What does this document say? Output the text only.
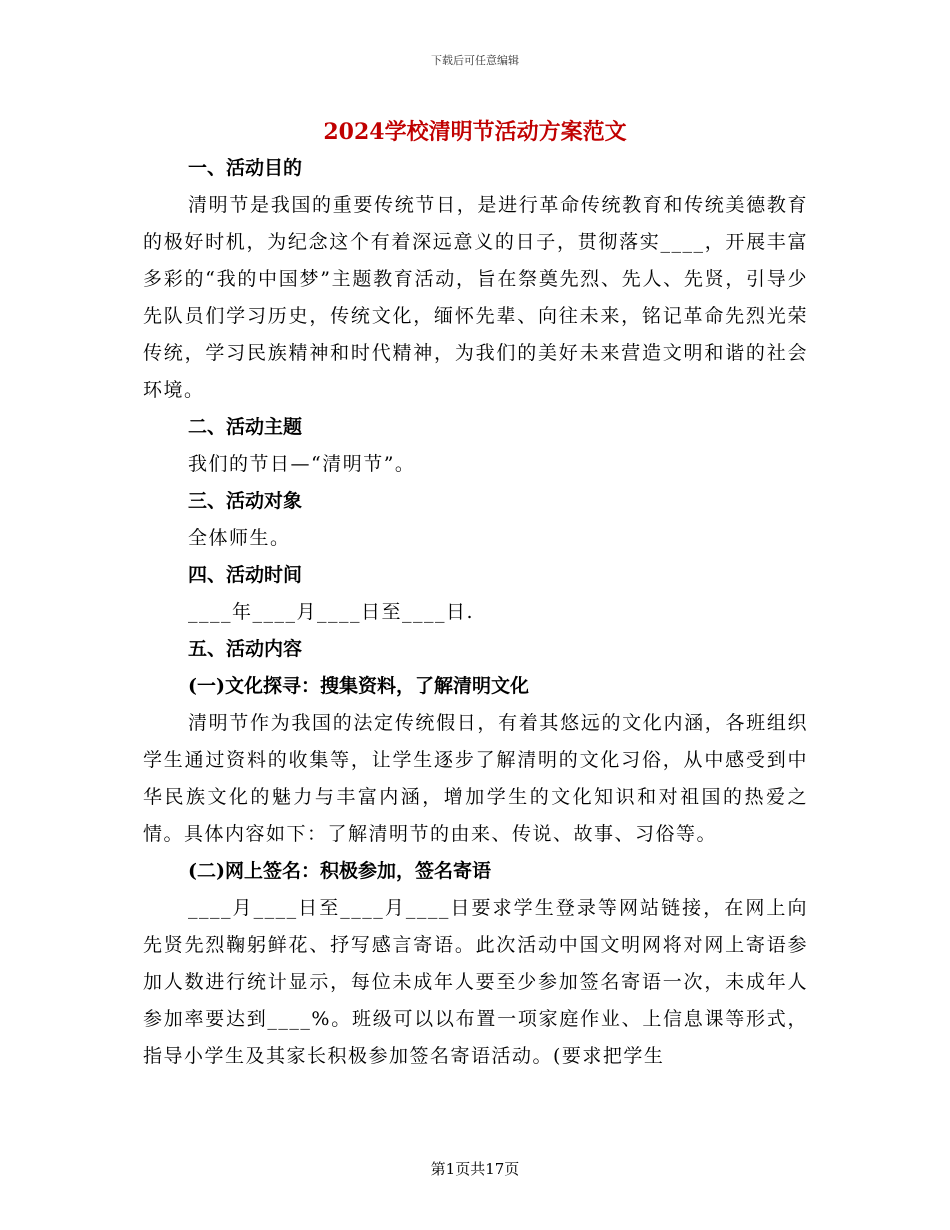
下载后可任意编辑
2024学校清明节活动方案范文
一、活动目的

清明节是我国的重要传统节日，是进行革命传统教育和传统美德教育的极好时机，为纪念这个有着深远意义的日子，贯彻落实____，开展丰富多彩的“我的中国梦”主题教育活动，旨在祭奠先烈、先人、先贤，引导少先队员们学习历史，传统文化，缅怀先辈、向往未来，铭记革命先烈光荣传统，学习民族精神和时代精神，为我们的美好未来营造文明和谐的社会环境。

二、活动主题
我们的节日—“清明节”。
三、活动对象
全体师生。
四、活动时间
____年____月____日至____日.
五、活动内容
(一)文化探寻：搜集资料，了解清明文化

清明节作为我国的法定传统假日，有着其悠远的文化内涵，各班组织学生通过资料的收集等，让学生逐步了解清明的文化习俗，从中感受到中华民族文化的魅力与丰富内涵，增加学生的文化知识和对祖国的热爱之情。具体内容如下：了解清明节的由来、传说、故事、习俗等。

(二)网上签名：积极参加，签名寄语

____月____日至____月____日要求学生登录等网站链接，在网上向先贤先烈鞠躬鲜花、抒写感言寄语。此次活动中国文明网将对网上寄语参加人数进行统计显示，每位未成年人要至少参加签名寄语一次，未成年人参加率要达到____%。班级可以以布置一项家庭作业、上信息课等形式，指导小学生及其家长积极参加签名寄语活动。(要求把学生

第1页共17页
